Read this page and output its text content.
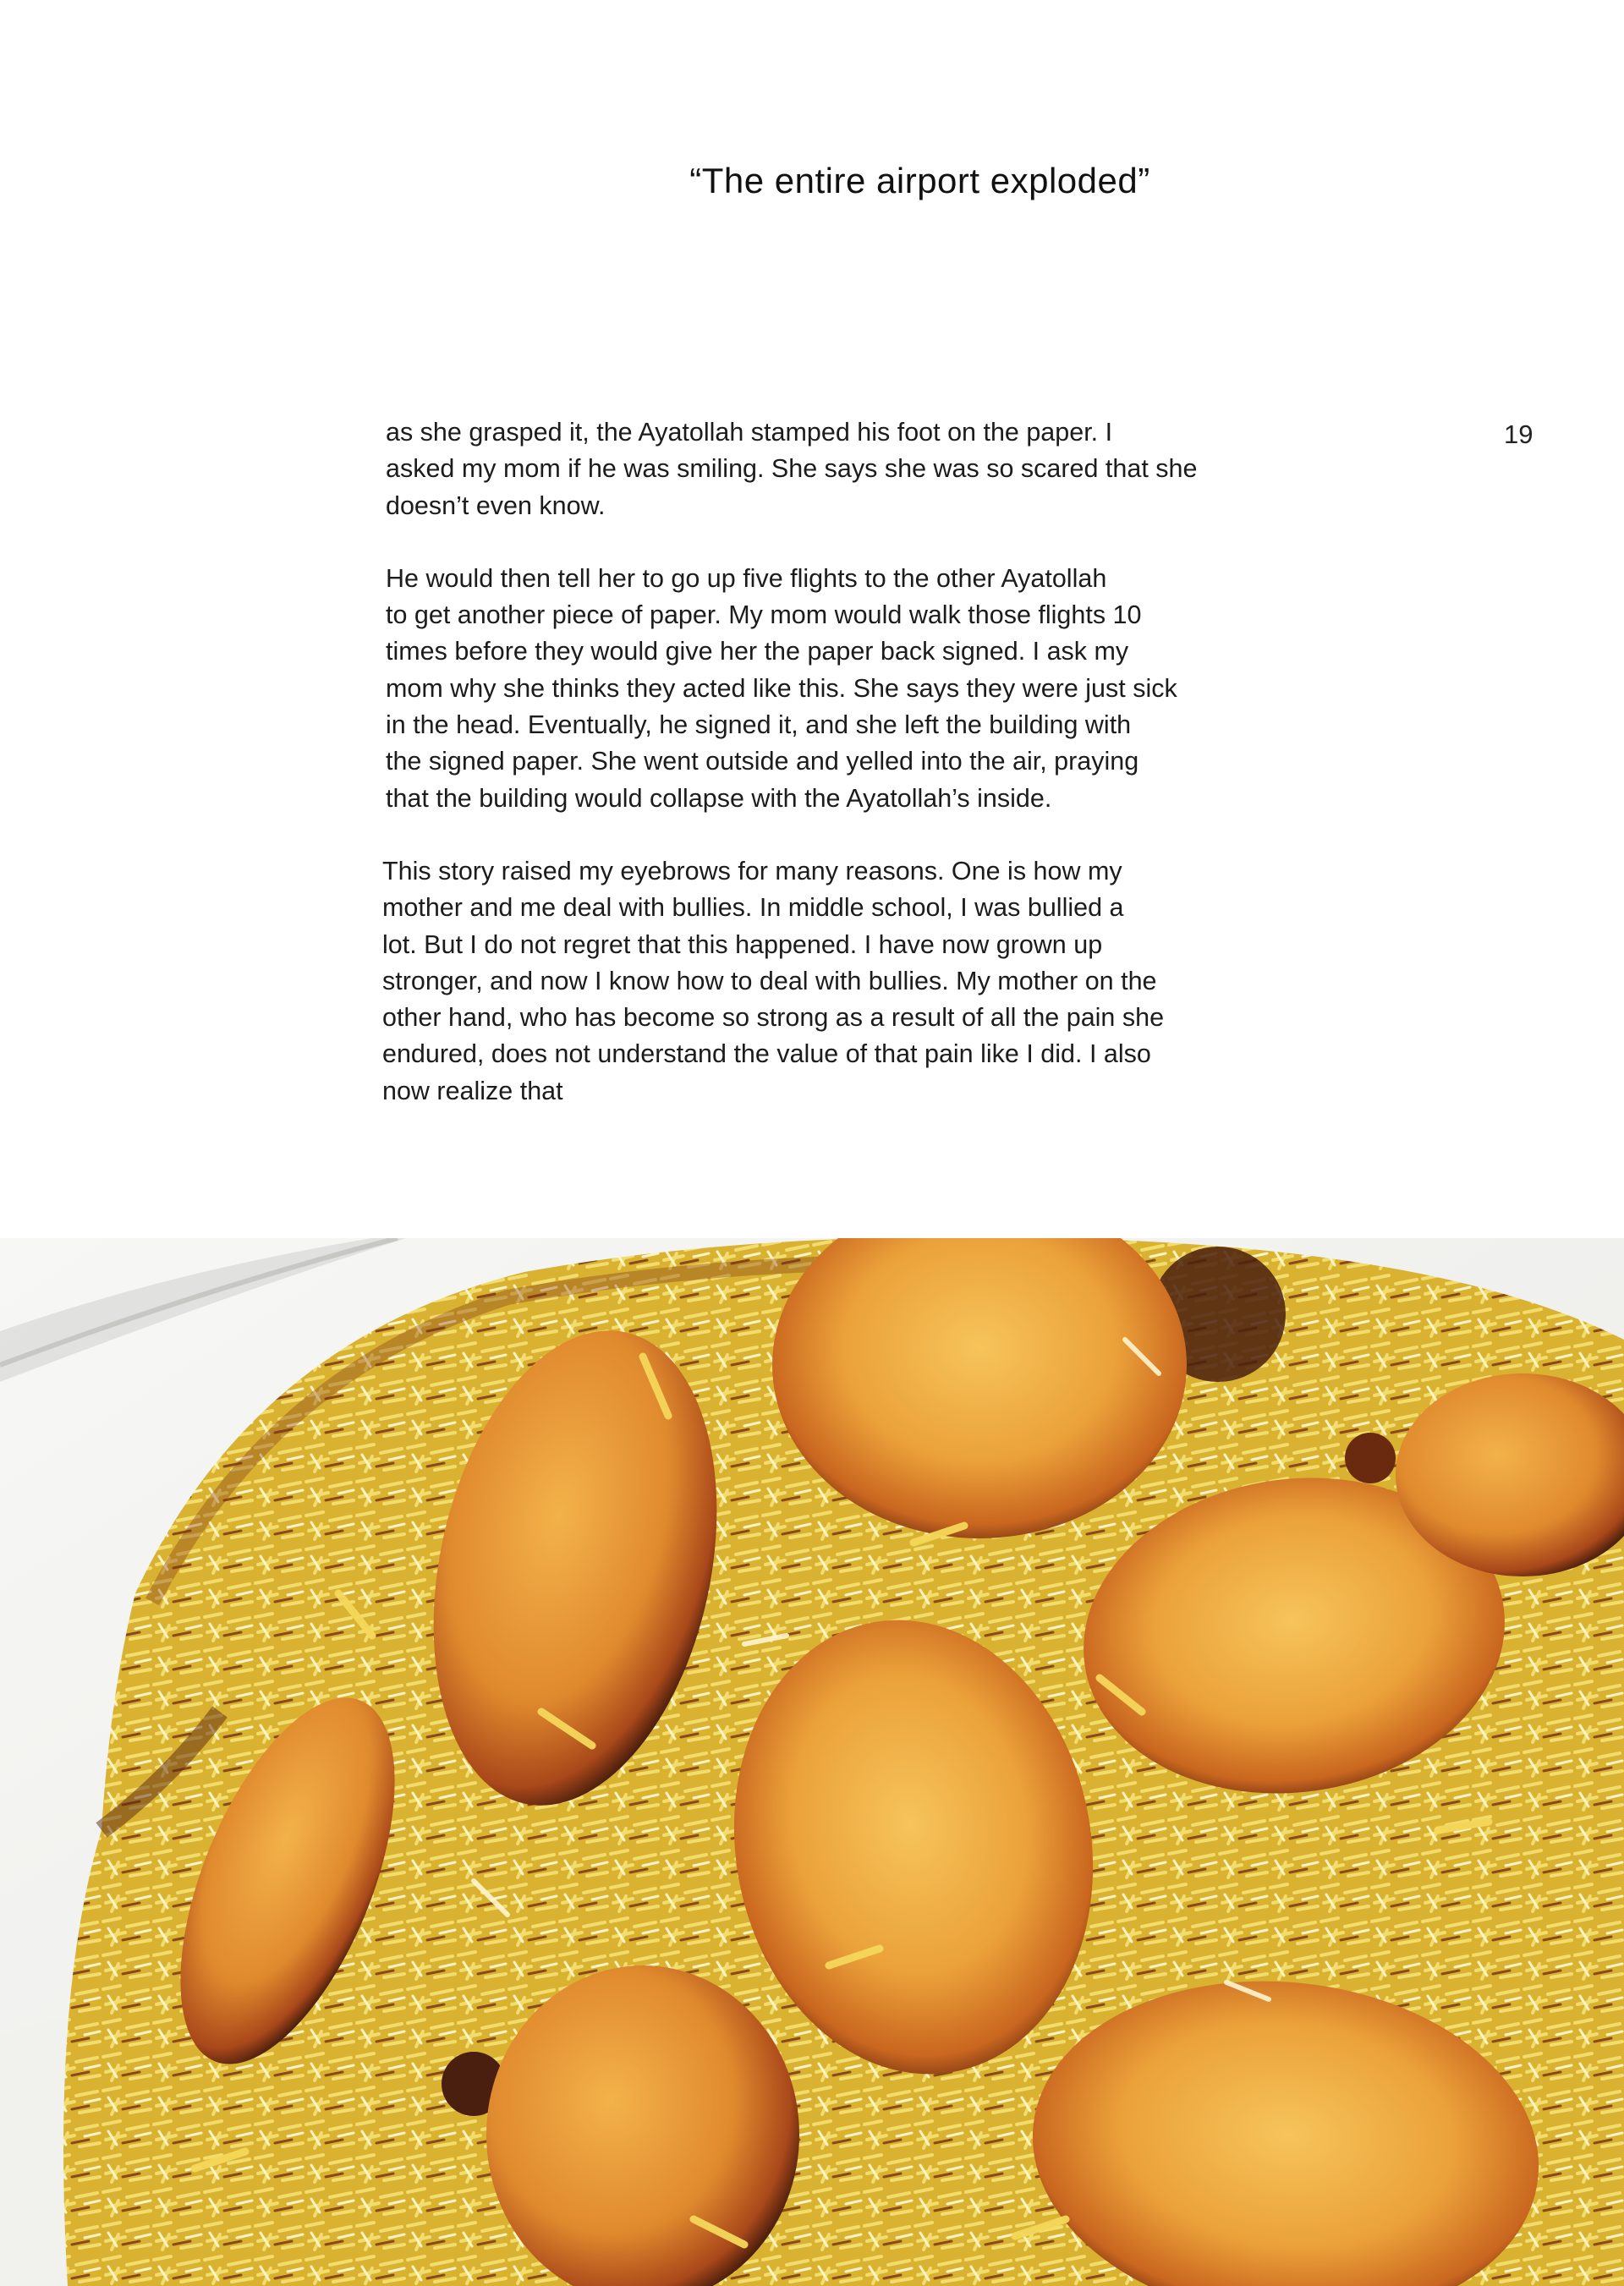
“The entire airport exploded”
19

as she grasped it, the Ayatollah stamped his foot on the paper. I
asked my mom if he was smiling. She says she was so scared that she
doesn’t even know.

He would then tell her to go up five flights to the other Ayatollah
to get another piece of paper. My mom would walk those flights 10
times before they would give her the paper back signed. I ask my
mom why she thinks they acted like this. She says they were just sick
in the head. Eventually, he signed it, and she left the building with
the signed paper. She went outside and yelled into the air, praying
that the building would collapse with the Ayatollah’s inside.

This story raised my eyebrows for many reasons. One is how my
mother and me deal with bullies. In middle school, I was bullied a
lot. But I do not regret that this happened. I have now grown up
stronger, and now I know how to deal with bullies. My mother on the
other hand, who has become so strong as a result of all the pain she
endured, does not understand the value of that pain like I did. I also
now realize that
